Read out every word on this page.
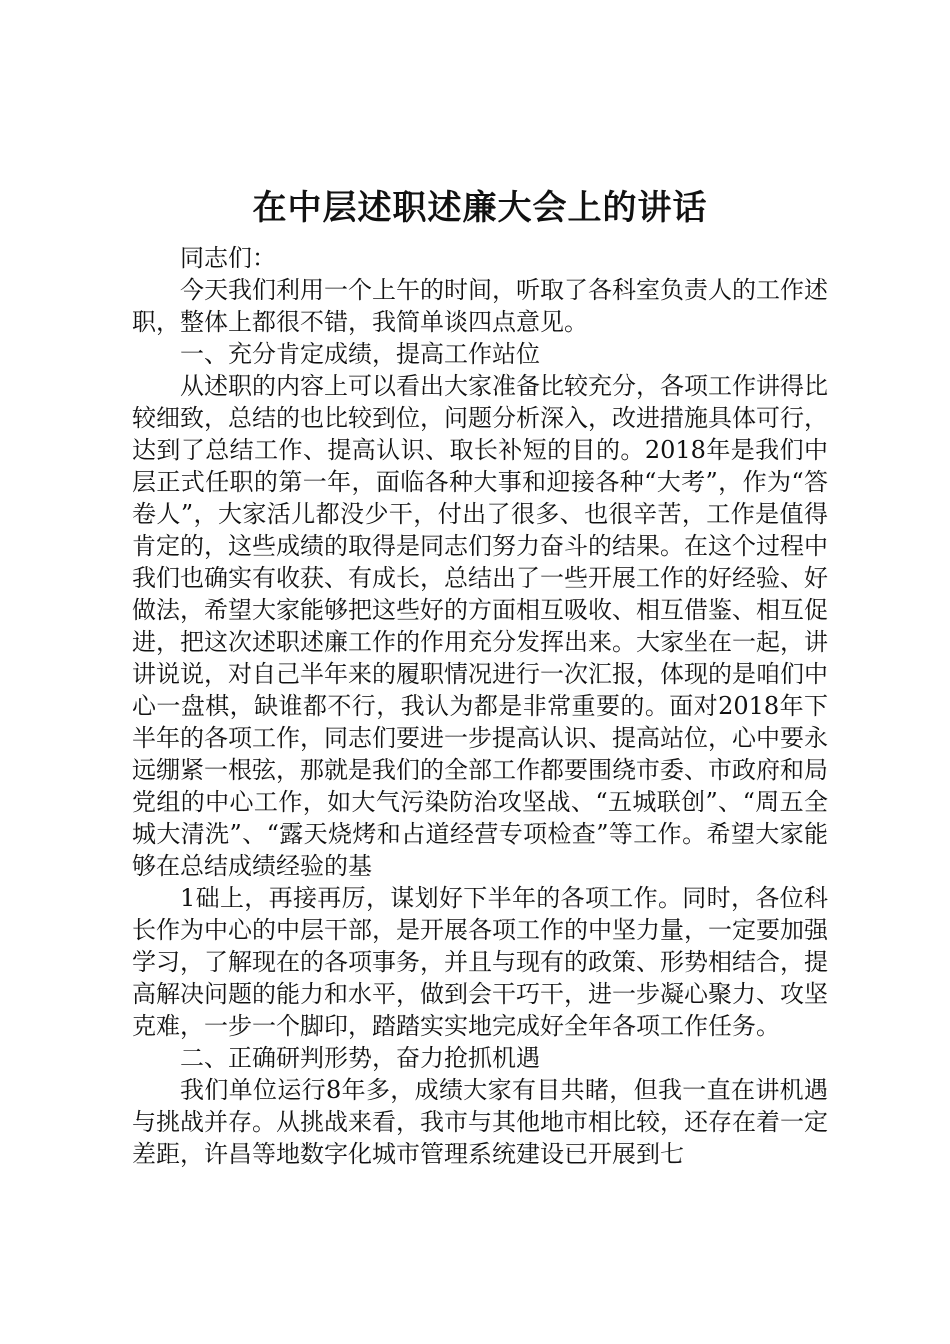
在中层述职述廉大会上的讲话

同志们：

今天我们利用一个上午的时间，听取了各科室负责人的工作述职，整体上都很不错，我简单谈四点意见。

一、充分肯定成绩，提高工作站位

从述职的内容上可以看出大家准备比较充分，各项工作讲得比较细致，总结的也比较到位，问题分析深入，改进措施具体可行，达到了总结工作、提高认识、取长补短的目的。2018年是我们中层正式任职的第一年，面临各种大事和迎接各种“大考”，作为“答卷人”，大家活儿都没少干，付出了很多、也很辛苦，工作是值得肯定的，这些成绩的取得是同志们努力奋斗的结果。在这个过程中我们也确实有收获、有成长，总结出了一些开展工作的好经验、好做法，希望大家能够把这些好的方面相互吸收、相互借鉴、相互促进，把这次述职述廉工作的作用充分发挥出来。大家坐在一起，讲讲说说，对自己半年来的履职情况进行一次汇报，体现的是咱们中心一盘棋，缺谁都不行，我认为都是非常重要的。面对2018年下半年的各项工作，同志们要进一步提高认识、提高站位，心中要永远绷紧一根弦，那就是我们的全部工作都要围绕市委、市政府和局党组的中心工作，如大气污染防治攻坚战、“五城联创”、“周五全城大清洗”、“露天烧烤和占道经营专项检查”等工作。希望大家能够在总结成绩经验的基

1础上，再接再厉，谋划好下半年的各项工作。同时，各位科长作为中心的中层干部，是开展各项工作的中坚力量，一定要加强学习，了解现在的各项事务，并且与现有的政策、形势相结合，提高解决问题的能力和水平，做到会干巧干，进一步凝心聚力、攻坚克难，一步一个脚印，踏踏实实地完成好全年各项工作任务。

二、正确研判形势，奋力抢抓机遇

我们单位运行8年多，成绩大家有目共睹，但我一直在讲机遇与挑战并存。从挑战来看，我市与其他地市相比较，还存在着一定差距，许昌等地数字化城市管理系统建设已开展到七
